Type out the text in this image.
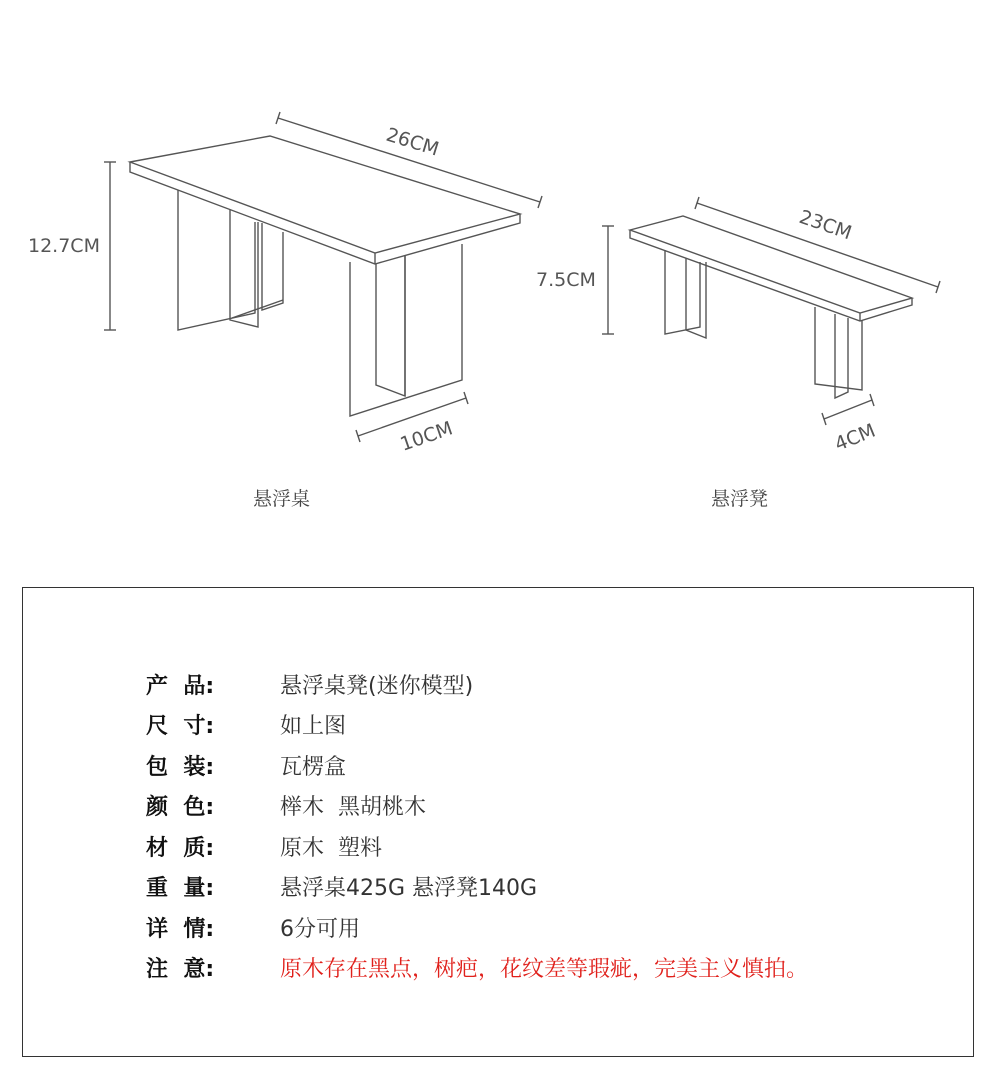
26CM
12.7CM
10CM
悬浮桌
23CM
7.5CM
4CM
悬浮凳
产  品:	悬浮桌凳(迷你模型)
尺  寸:	如上图
包  装:	瓦楞盒
颜  色:	榉木  黑胡桃木
材  质:	原木  塑料
重  量:	悬浮桌425G 悬浮凳140G
详  情:	6分可用
注  意:	原木存在黑点，树疤，花纹差等瑕疵，完美主义慎拍。
